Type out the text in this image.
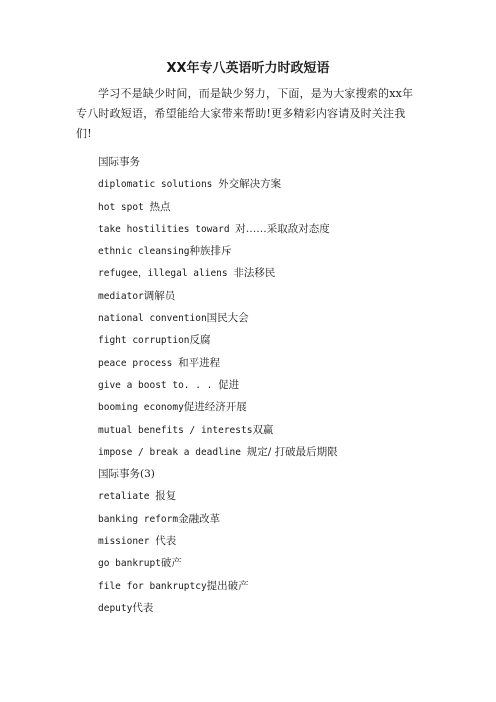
XX年专八英语听力时政短语
学习不是缺少时间，而是缺少努力，下面，是为大家搜索的xx年专八时政短语，希望能给大家带来帮助!更多精彩内容请及时关注我们!
国际事务
diplomatic solutions 外交解决方案
hot spot 热点
take hostilities toward 对……采取敌对态度
ethnic cleansing种族排斥
refugee，illegal aliens 非法移民
mediator调解员
national convention国民大会
fight corruption反腐
peace process 和平进程
give a boost to. . . 促进
booming economy促进经济开展
mutual benefits / interests双赢
impose / break a deadline 规定/ 打破最后期限
国际事务(3)
retaliate 报复
banking reform金融改革
missioner 代表
go bankrupt破产
file for bankruptcy提出破产
deputy代表
